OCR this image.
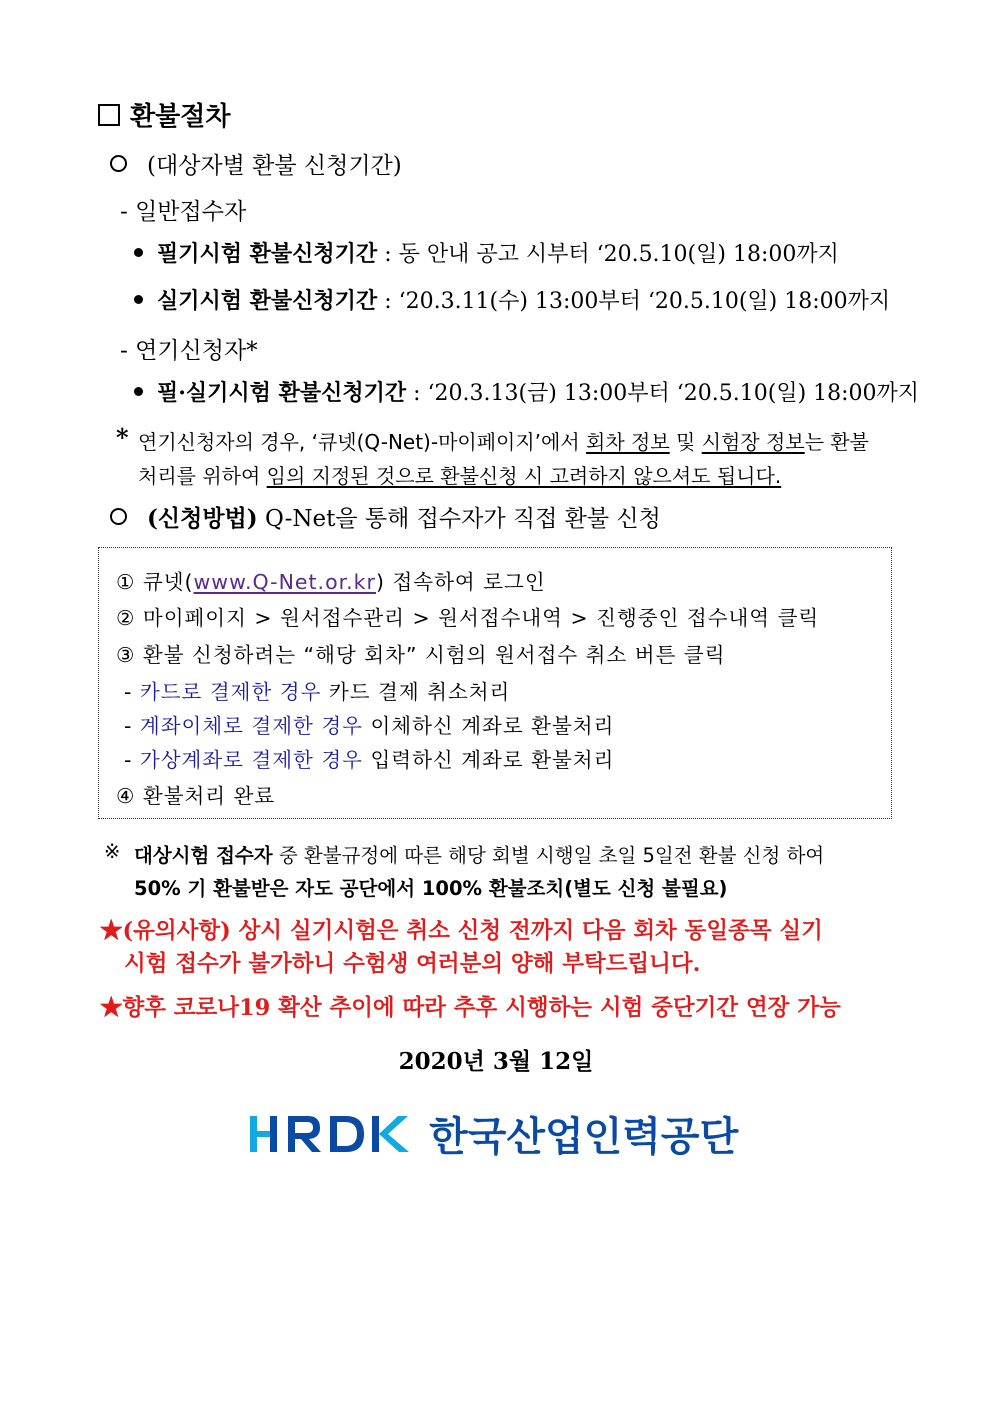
환불절차
(대상자별 환불 신청기간)
- 일반접수자
필기시험 환불신청기간 : 동 안내 공고 시부터 ‘20.5.10(일) 18:00까지
실기시험 환불신청기간 : ‘20.3.11(수) 13:00부터 ‘20.5.10(일) 18:00까지
- 연기신청자*
필·실기시험 환불신청기간 : ‘20.3.13(금) 13:00부터 ‘20.5.10(일) 18:00까지
* 연기신청자의 경우, ‘큐넷(Q-Net)-마이페이지’에서 회차 정보 및 시험장 정보는 환불
처리를 위하여 임의 지정된 것으로 환불신청 시 고려하지 않으셔도 됩니다.
(신청방법) Q-Net을 통해 접수자가 직접 환불 신청
① 큐넷(www.Q-Net.or.kr) 접속하여 로그인
② 마이페이지 > 원서접수관리 > 원서접수내역 > 진행중인 접수내역 클릭
③ 환불 신청하려는 “해당 회차” 시험의 원서접수 취소 버튼 클릭
- 카드로 결제한 경우 카드 결제 취소처리
- 계좌이체로 결제한 경우 이체하신 계좌로 환불처리
- 가상계좌로 결제한 경우 입력하신 계좌로 환불처리
④ 환불처리 완료
※ 대상시험 접수자 중 환불규정에 따른 해당 회별 시행일 초일 5일전 환불 신청 하여
50% 기 환불받은 자도 공단에서 100% 환불조치(별도 신청 불필요)
★(유의사항) 상시 실기시험은 취소 신청 전까지 다음 회차 동일종목 실기
시험 접수가 불가하니 수험생 여러분의 양해 부탁드립니다.
★향후 코로나19 확산 추이에 따라 추후 시행하는 시험 중단기간 연장 가능
2020년 3월 12일
한국산업인력공단
